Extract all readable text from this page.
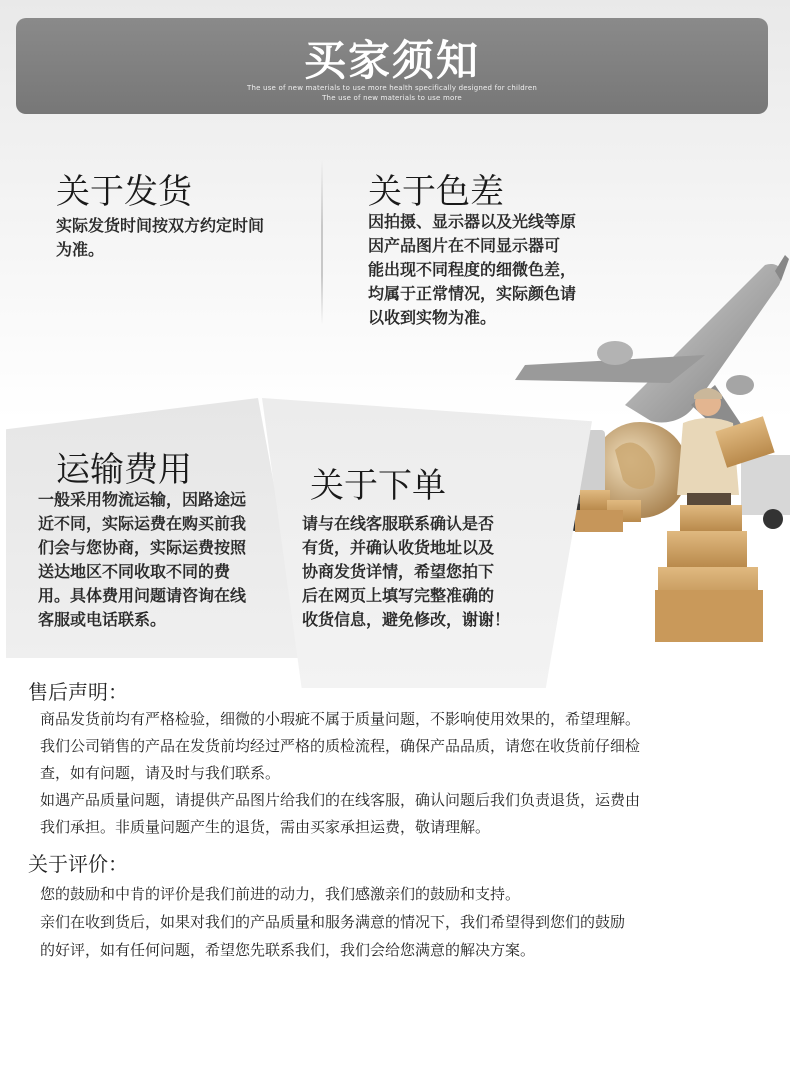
买家须知
The use of new materials to use more health specifically designed for children
The use of new materials to use more
关于发货
实际发货时间按双方约定时间
为准。
关于色差
因拍摄、显示器以及光线等原
因产品图片在不同显示器可
能出现不同程度的细微色差，
均属于正常情况，实际颜色请
以收到实物为准。
运输费用
一般采用物流运输，因路途远
近不同，实际运费在购买前我
们会与您协商，实际运费按照
送达地区不同收取不同的费
用。具体费用问题请咨询在线
客服或电话联系。
关于下单
请与在线客服联系确认是否
有货，并确认收货地址以及
协商发货详情，希望您拍下
后在网页上填写完整准确的
收货信息，避免修改，谢谢！
售后声明：

商品发货前均有严格检验，细微的小瑕疵不属于质量问题，不影响使用效果的，希望理解。

我们公司销售的产品在发货前均经过严格的质检流程，确保产品品质，请您在收货前仔细检

查，如有问题，请及时与我们联系。

如遇产品质量问题，请提供产品图片给我们的在线客服，确认问题后我们负责退货，运费由

我们承担。非质量问题产生的退货，需由买家承担运费，敬请理解。

关于评价：

您的鼓励和中肯的评价是我们前进的动力，我们感激亲们的鼓励和支持。

亲们在收到货后，如果对我们的产品质量和服务满意的情况下，我们希望得到您们的鼓励

的好评，如有任何问题，希望您先联系我们，我们会给您满意的解决方案。
